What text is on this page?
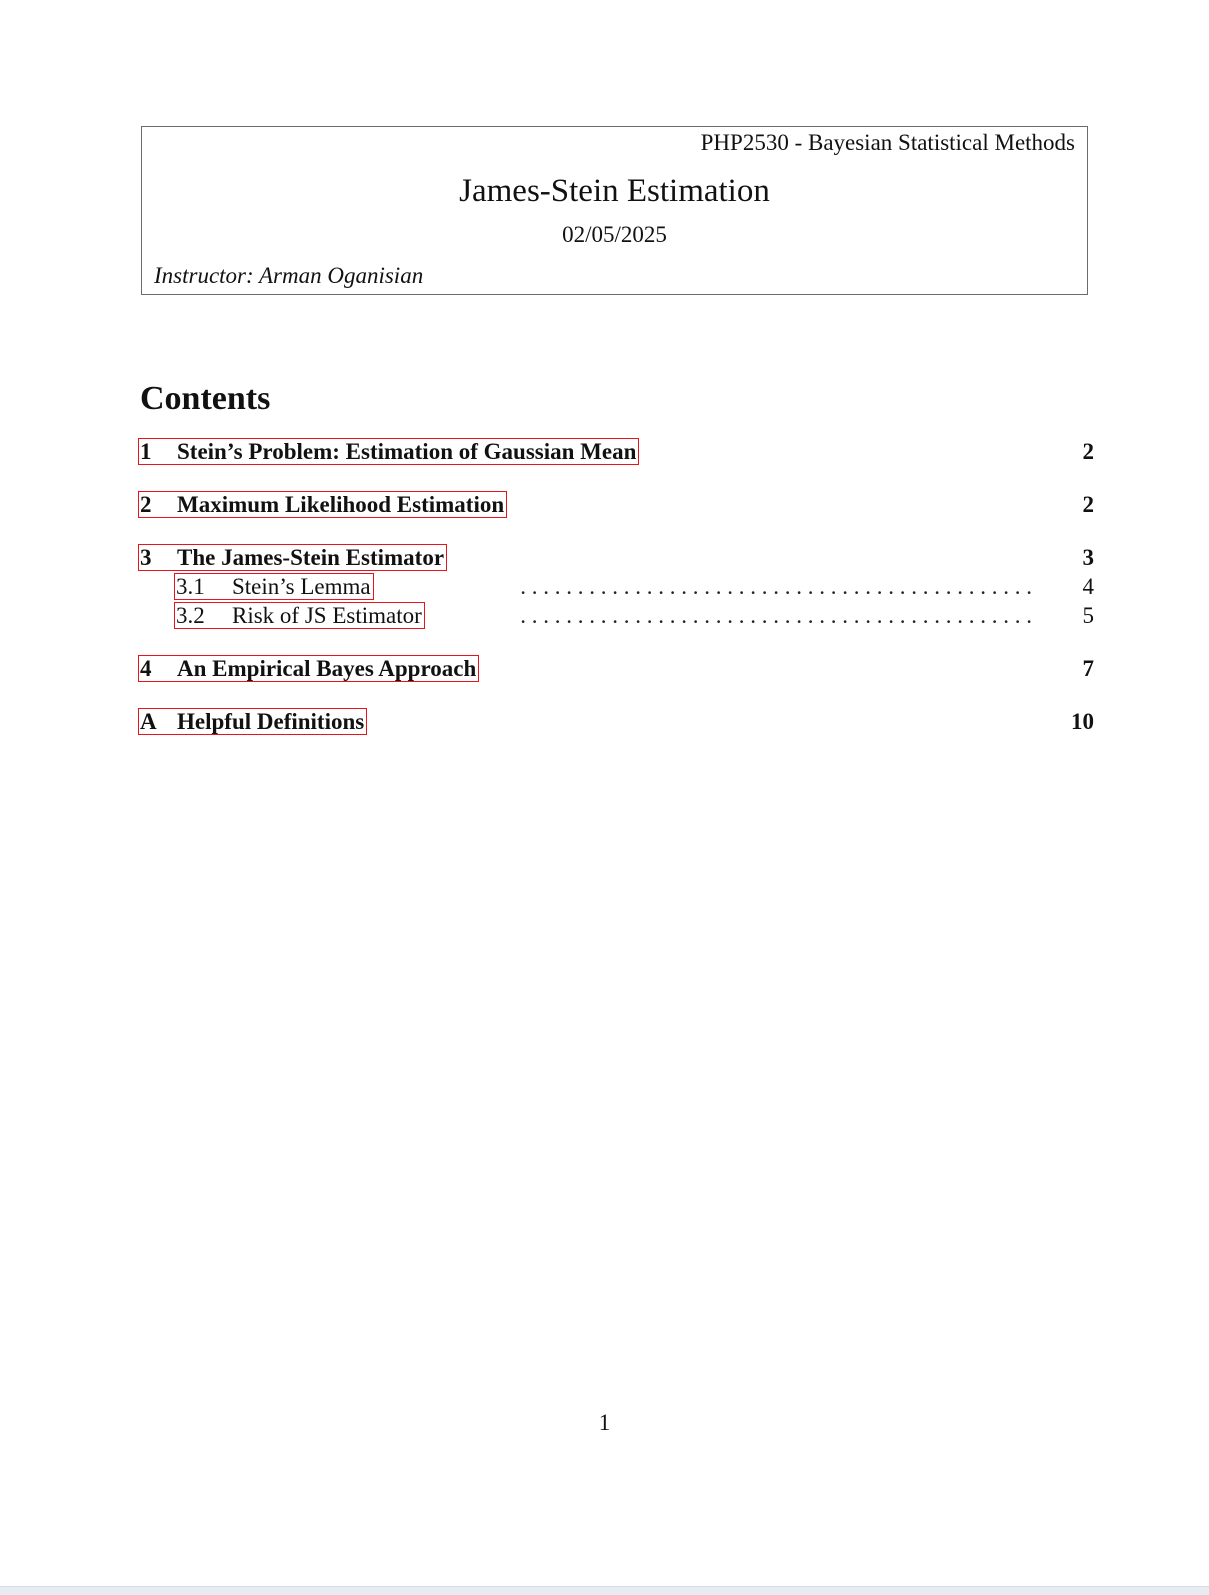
PHP2530 - Bayesian Statistical Methods
James-Stein Estimation
02/05/2025
Instructor: Arman Oganisian
Contents
1 Stein’s Problem: Estimation of Gaussian Mean	2
2 Maximum Likelihood Estimation	2
3 The James-Stein Estimator	3
3.1 Stein’s Lemma	. . . . . . . . . . . . . . . . . . . . . . . . . . . . . . . . . . . . . . . . . . . . . 4
3.2 Risk of JS Estimator	. . . . . . . . . . . . . . . . . . . . . . . . . . . . . . . . . . . . . . . . . . . . . 5
4 An Empirical Bayes Approach	7
A Helpful Definitions	10
1
